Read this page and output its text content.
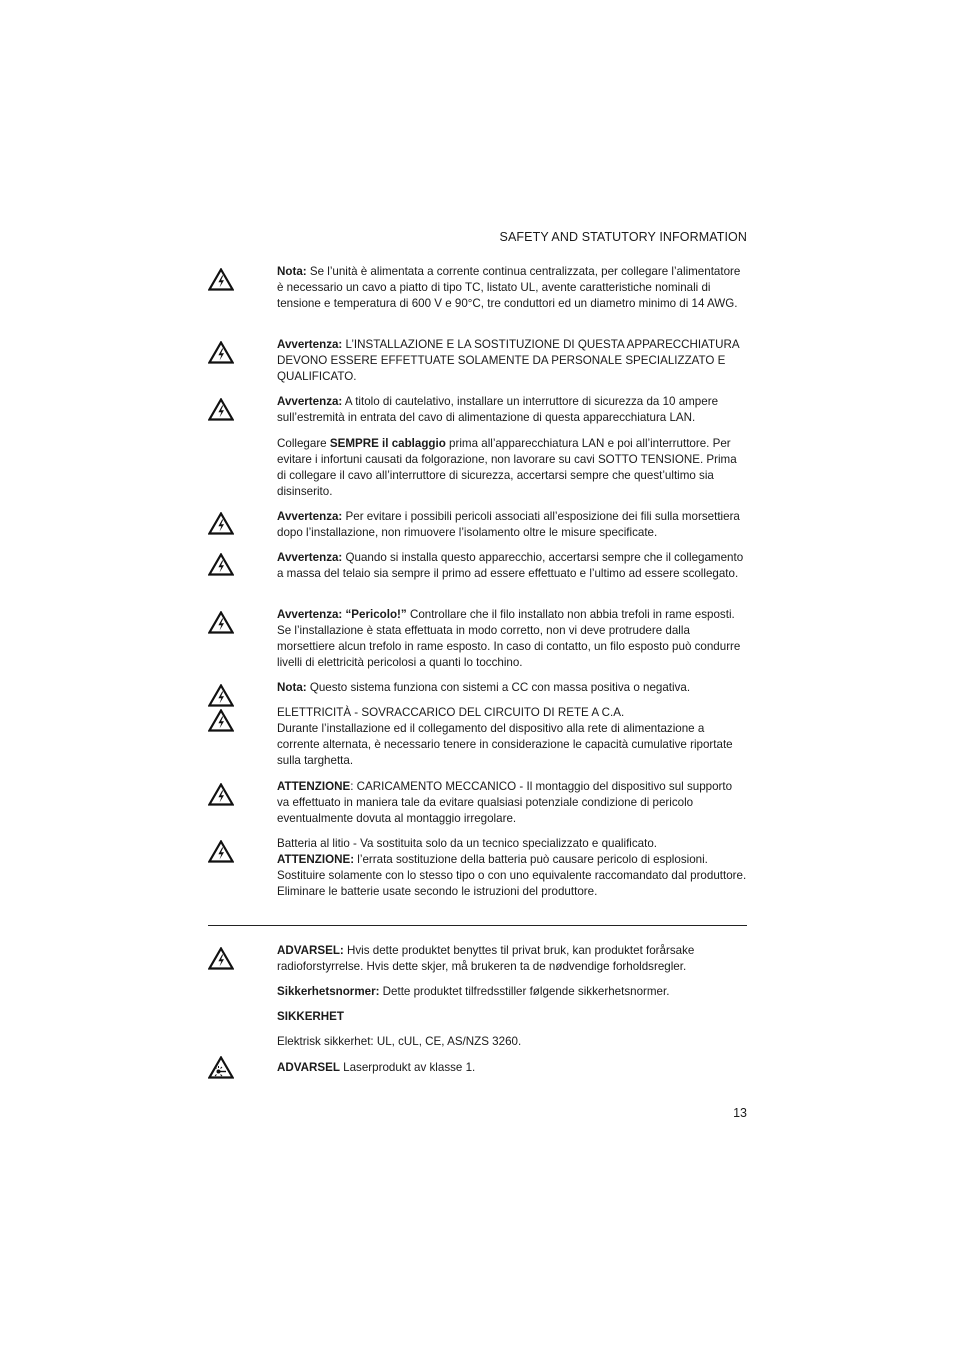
SAFETY AND STATUTORY INFORMATION
Nota: Se l’unità è alimentata a corrente continua centralizzata, per collegare l’alimentatore è necessario un cavo a piatto di tipo TC, listato UL, avente caratteristiche nominali di tensione e temperatura di 600 V e 90°C, tre conduttori ed un diametro minimo di 14 AWG.
Avvertenza: L’INSTALLAZIONE E LA SOSTITUZIONE DI QUESTA APPARECCHIATURA DEVONO ESSERE EFFETTUATE SOLAMENTE DA PERSONALE SPECIALIZZATO E QUALIFICATO.
Avvertenza: A titolo di cautelativo, installare un interruttore di sicurezza da 10 ampere sull’estremità in entrata del cavo di alimentazione di questa apparecchiatura LAN.
Collegare SEMPRE il cablaggio prima all’apparecchiatura LAN e poi all’interruttore. Per evitare i infortuni causati da folgorazione, non lavorare su cavi SOTTO TENSIONE. Prima di collegare il cavo all’interruttore di sicurezza, accertarsi sempre che quest’ultimo sia disinserito.
Avvertenza: Per evitare i possibili pericoli associati all’esposizione dei fili sulla morsettiera dopo l’installazione, non rimuovere l’isolamento oltre le misure specificate.
Avvertenza: Quando si installa questo apparecchio, accertarsi sempre che il collegamento a massa del telaio sia sempre il primo ad essere effettuato e l’ultimo ad essere scollegato.
Avvertenza: “Pericolo!” Controllare che il filo installato non abbia trefoli in rame esposti. Se l’installazione è stata effettuata in modo corretto, non vi deve protrudere dalla morsettiere alcun trefolo in rame esposto. In caso di contatto, un filo esposto può condurre livelli di elettricità pericolosi a quanti lo tocchino.
Nota: Questo sistema funziona con sistemi a CC con massa positiva o negativa.
ELETTRICITÀ - SOVRACCARICO DEL CIRCUITO DI RETE A C.A.
Durante l’installazione ed il collegamento del dispositivo alla rete di alimentazione a corrente alternata, è necessario tenere in considerazione le capacità cumulative riportate sulla targhetta.
ATTENZIONE: CARICAMENTO MECCANICO - Il montaggio del dispositivo sul supporto va effettuato in maniera tale da evitare qualsiasi potenziale condizione di pericolo eventualmente dovuta al montaggio irregolare.
Batteria al litio - Va sostituita solo da un tecnico specializzato e qualificato.
ATTENZIONE: l’errata sostituzione della batteria può causare pericolo di esplosioni. Sostituire solamente con lo stesso tipo o con uno equivalente raccomandato dal produttore. Eliminare le batterie usate secondo le istruzioni del produttore.
ADVARSEL: Hvis dette produktet benyttes til privat bruk, kan produktet forårsake radioforstyrrelse. Hvis dette skjer, må brukeren ta de nødvendige forholdsregler.
Sikkerhetsnormer: Dette produktet tilfredsstiller følgende sikkerhetsnormer.
SIKKERHET
Elektrisk sikkerhet: UL, cUL, CE, AS/NZS 3260.
ADVARSEL Laserprodukt av klasse 1.
13
